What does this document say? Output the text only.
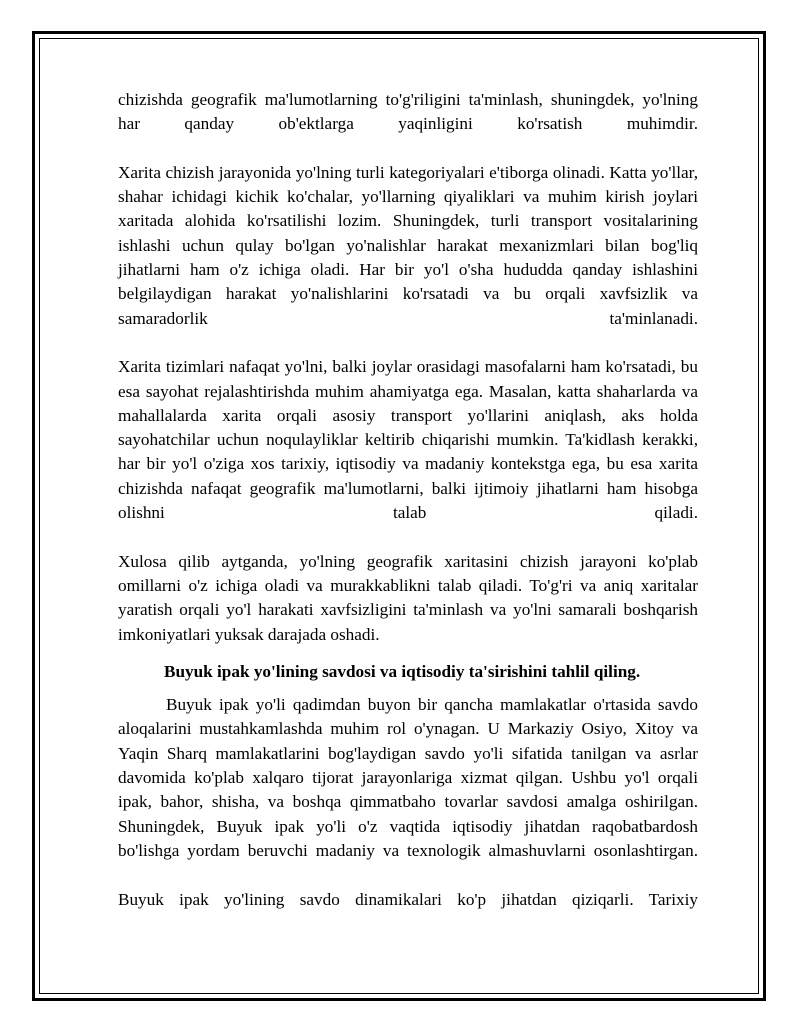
chizishda geografik ma'lumotlarning to'g'riligini ta'minlash, shuningdek, yo'lning har qanday ob'ektlarga yaqinligini ko'rsatish muhimdir.

Xarita chizish jarayonida yo'lning turli kategoriyalari e'tiborga olinadi. Katta yo'llar, shahar ichidagi kichik ko'chalar, yo'llarning qiyaliklari va muhim kirish joylari xaritada alohida ko'rsatilishi lozim. Shuningdek, turli transport vositalarining ishlashi uchun qulay bo'lgan yo'nalishlar harakat mexanizmlari bilan bog'liq jihatlarni ham o'z ichiga oladi. Har bir yo'l o'sha hududda qanday ishlashini belgilaydigan harakat yo'nalishlarini ko'rsatadi va bu orqali xavfsizlik va samaradorlik ta'minlanadi.

Xarita tizimlari nafaqat yo'lni, balki joylar orasidagi masofalarni ham ko'rsatadi, bu esa sayohat rejalashtirishda muhim ahamiyatga ega. Masalan, katta shaharlarda va mahallalarda xarita orqali asosiy transport yo'llarini aniqlash, aks holda sayohatchilar uchun noqulayliklar keltirib chiqarishi mumkin. Ta'kidlash kerakki, har bir yo'l o'ziga xos tarixiy, iqtisodiy va madaniy kontekstga ega, bu esa xarita chizishda nafaqat geografik ma'lumotlarni, balki ijtimoiy jihatlarni ham hisobga olishni talab qiladi.

Xulosa qilib aytganda, yo'lning geografik xaritasini chizish jarayoni ko'plab omillarni o'z ichiga oladi va murakkablikni talab qiladi. To'g'ri va aniq xaritalar yaratish orqali yo'l harakati xavfsizligini ta'minlash va yo'lni samarali boshqarish imkoniyatlari yuksak darajada oshadi.

Buyuk ipak yo'lining savdosi va iqtisodiy ta'sirishini tahlil qiling.

Buyuk ipak yo'li qadimdan buyon bir qancha mamlakatlar o'rtasida savdo aloqalarini mustahkamlashda muhim rol o'ynagan. U Markaziy Osiyo, Xitoy va Yaqin Sharq mamlakatlarini bog'laydigan savdo yo'li sifatida tanilgan va asrlar davomida ko'plab xalqaro tijorat jarayonlariga xizmat qilgan. Ushbu yo'l orqali ipak, bahor, shisha, va boshqa qimmatbaho tovarlar savdosi amalga oshirilgan. Shuningdek, Buyuk ipak yo'li o'z vaqtida iqtisodiy jihatdan raqobatbardosh bo'lishga yordam beruvchi madaniy va texnologik almashuvlarni osonlashtirgan.

Buyuk ipak yo'lining savdo dinamikalari ko'p jihatdan qiziqarli. Tarixiy
